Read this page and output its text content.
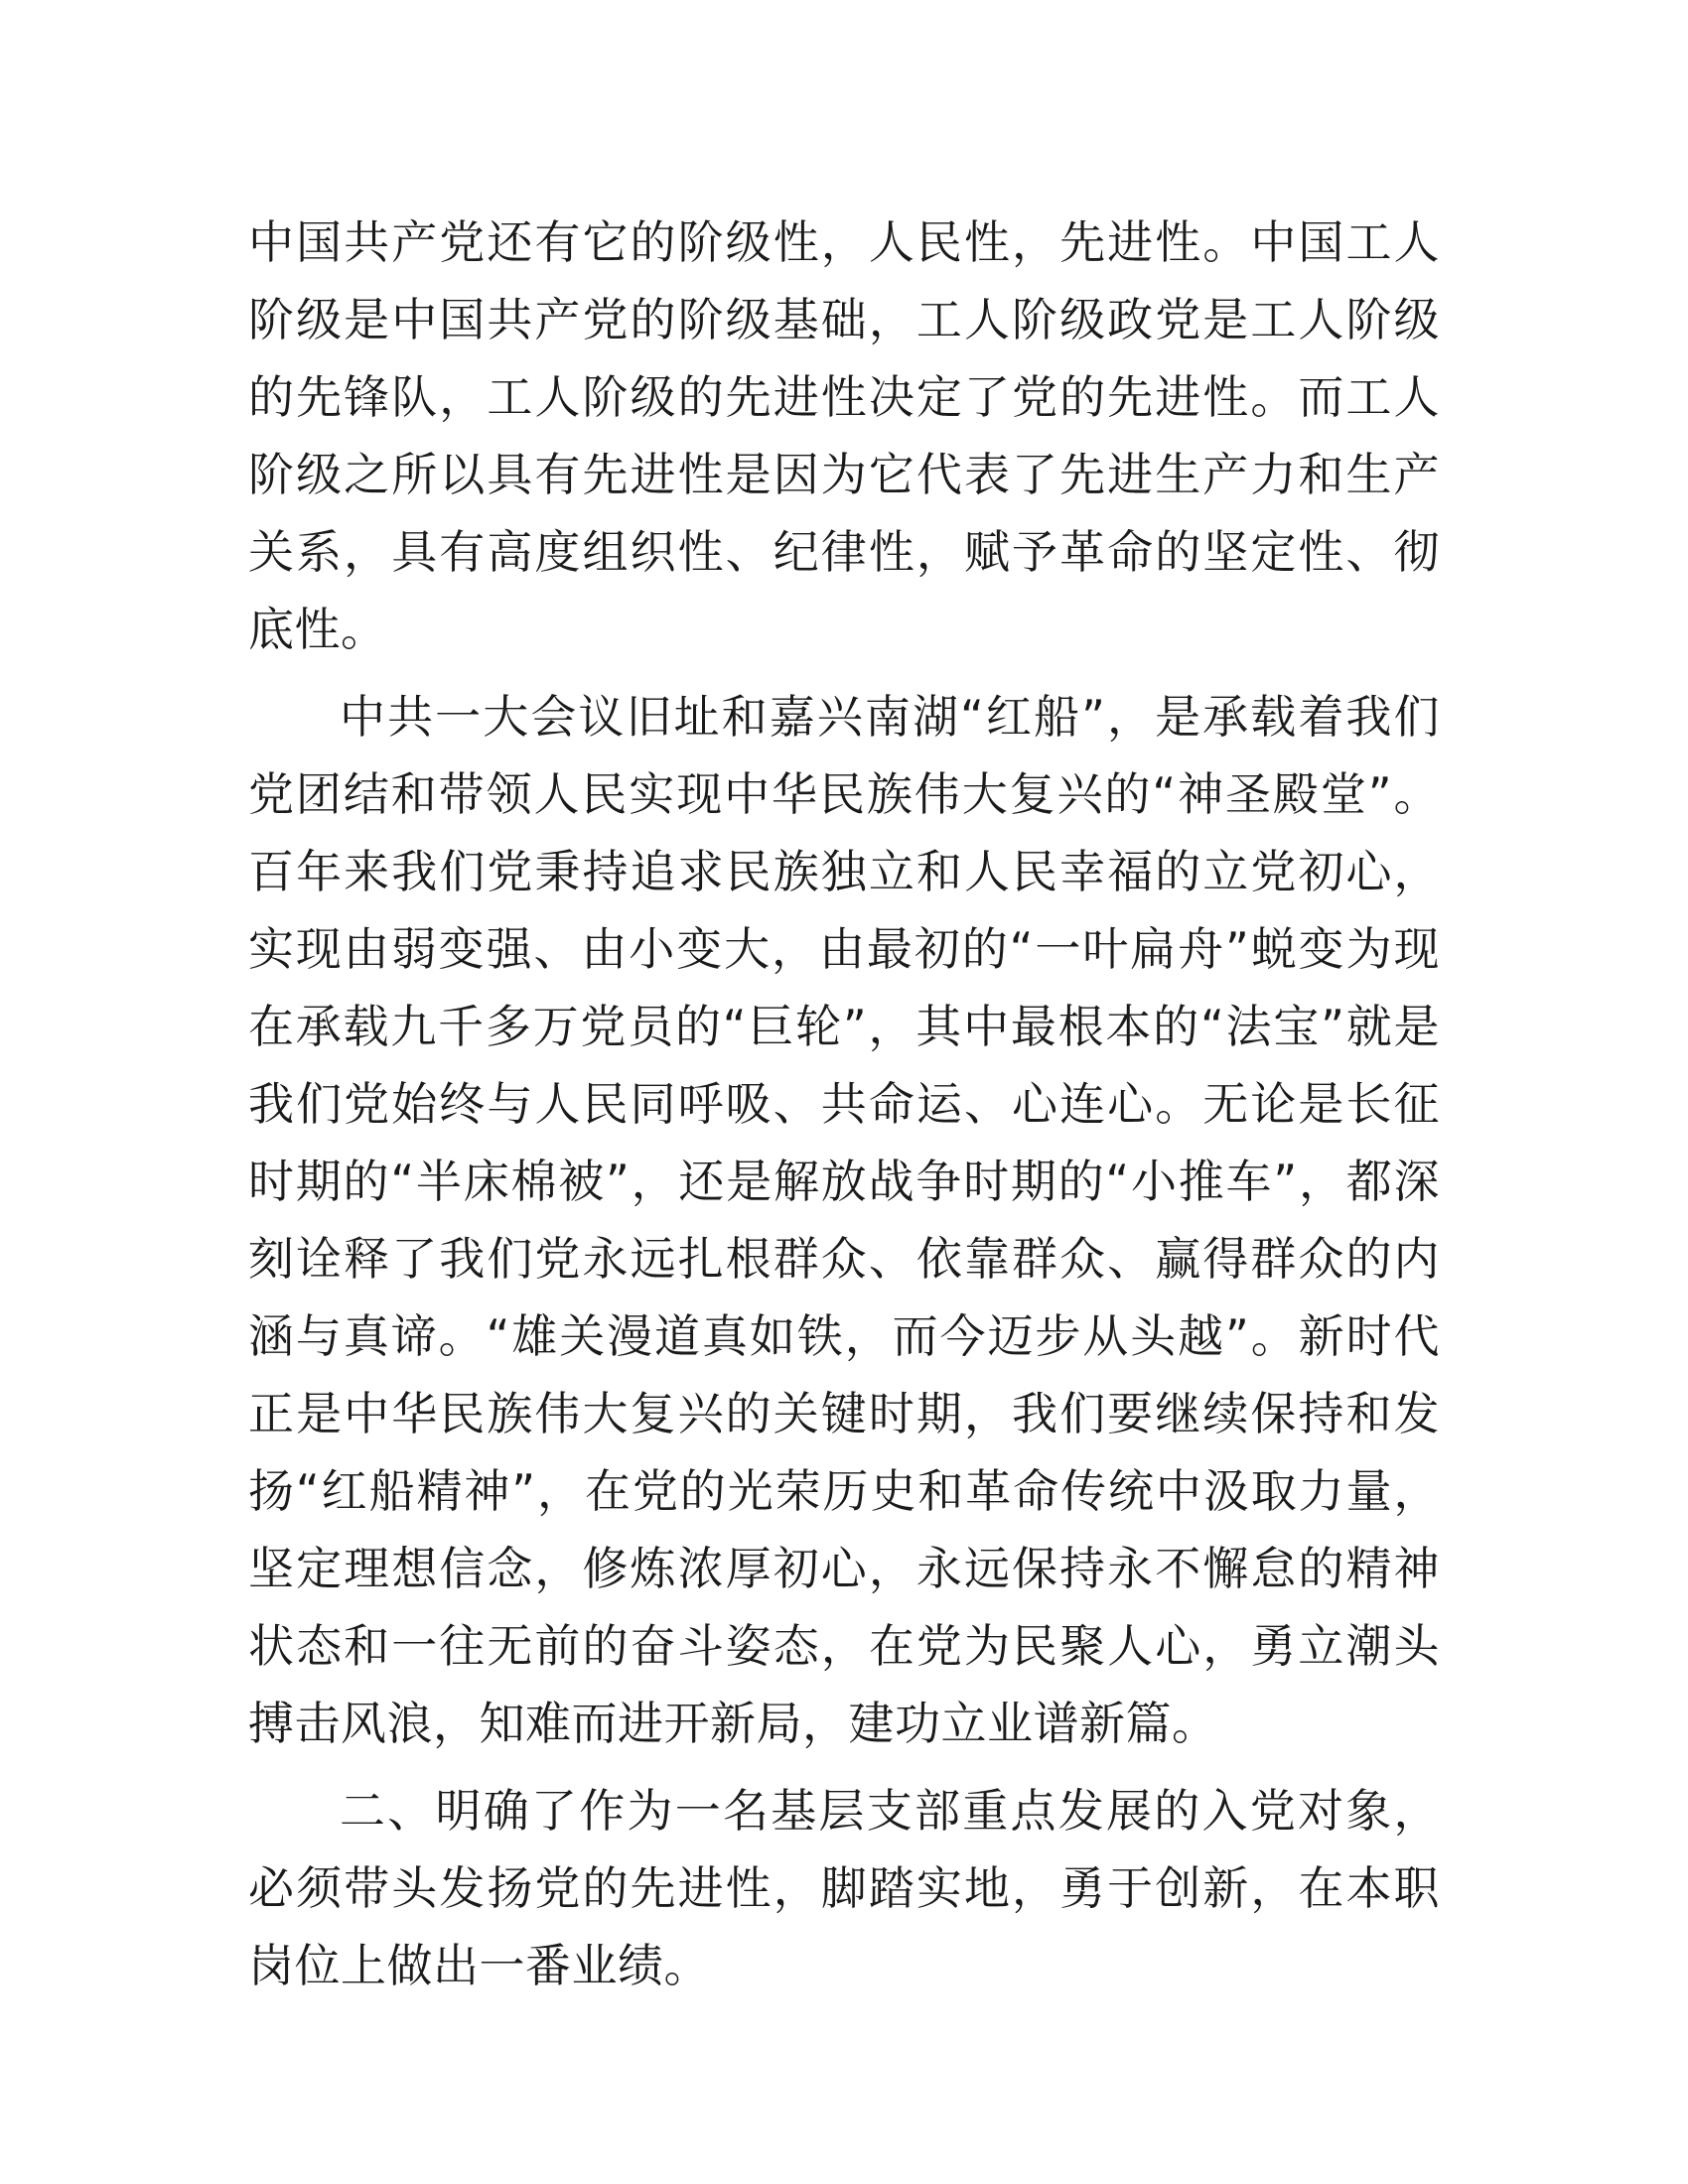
中国共产党还有它的阶级性，人民性，先进性。中国工人阶级是中国共产党的阶级基础，工人阶级政党是工人阶级的先锋队，工人阶级的先进性决定了党的先进性。而工人阶级之所以具有先进性是因为它代表了先进生产力和生产关系，具有高度组织性、纪律性，赋予革命的坚定性、彻底性。

中共一大会议旧址和嘉兴南湖“红船”，是承载着我们党团结和带领人民实现中华民族伟大复兴的“神圣殿堂”。百年来我们党秉持追求民族独立和人民幸福的立党初心，实现由弱变强、由小变大，由最初的“一叶扁舟”蜕变为现在承载九千多万党员的“巨轮”，其中最根本的“法宝”就是我们党始终与人民同呼吸、共命运、心连心。无论是长征时期的“半床棉被”，还是解放战争时期的“小推车”，都深刻诠释了我们党永远扎根群众、依靠群众、赢得群众的内涵与真谛。“雄关漫道真如铁，而今迈步从头越”。新时代正是中华民族伟大复兴的关键时期，我们要继续保持和发扬“红船精神”，在党的光荣历史和革命传统中汲取力量，坚定理想信念，修炼浓厚初心，永远保持永不懈怠的精神状态和一往无前的奋斗姿态，在党为民聚人心，勇立潮头搏击风浪，知难而进开新局，建功立业谱新篇。

二、明确了作为一名基层支部重点发展的入党对象，必须带头发扬党的先进性，脚踏实地，勇于创新，在本职岗位上做出一番业绩。
